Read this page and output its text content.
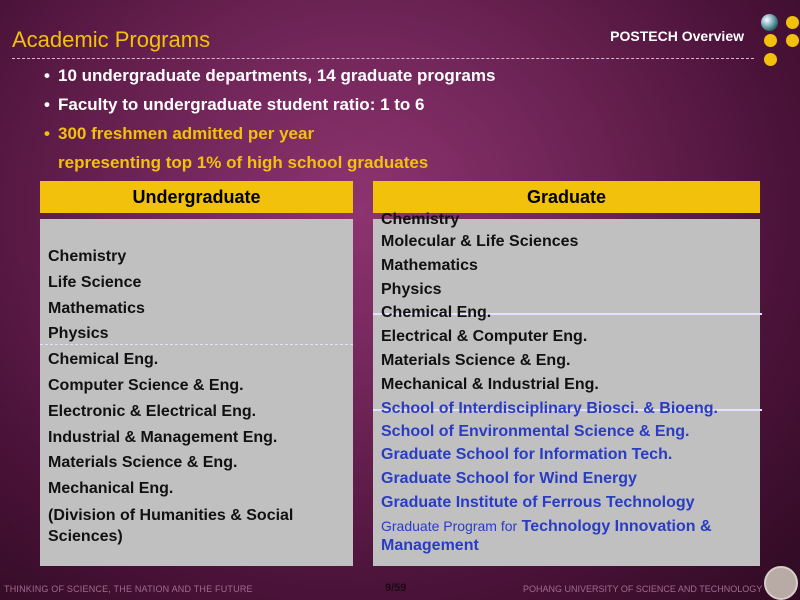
Academic Programs	POSTECH Overview
• 10 undergraduate departments, 14 graduate programs
• Faculty to undergraduate student ratio: 1 to 6
• 300 freshmen admitted per year
representing top 1% of high school graduates
Undergraduate
Chemistry
Life Science
Mathematics
Physics
Chemical Eng.
Computer Science & Eng.
Electronic & Electrical Eng.
Industrial & Management Eng.
Materials Science & Eng.
Mechanical Eng.
(Division of Humanities & Social Sciences)
Graduate
Chemistry
Molecular & Life Sciences
Mathematics
Physics
Chemical Eng.
Electrical & Computer Eng.
Materials Science & Eng.
Mechanical & Industrial Eng.
School of Interdisciplinary Biosci. & Bioeng.
School of Environmental Science & Eng.
Graduate School for Information Tech.
Graduate School for Wind Energy
Graduate Institute of Ferrous Technology
Graduate Program for Technology Innovation & Management
THINKING OF SCIENCE, THE NATION AND THE FUTURE	9/59	POHANG UNIVERSITY OF SCIENCE AND TECHNOLOGY
